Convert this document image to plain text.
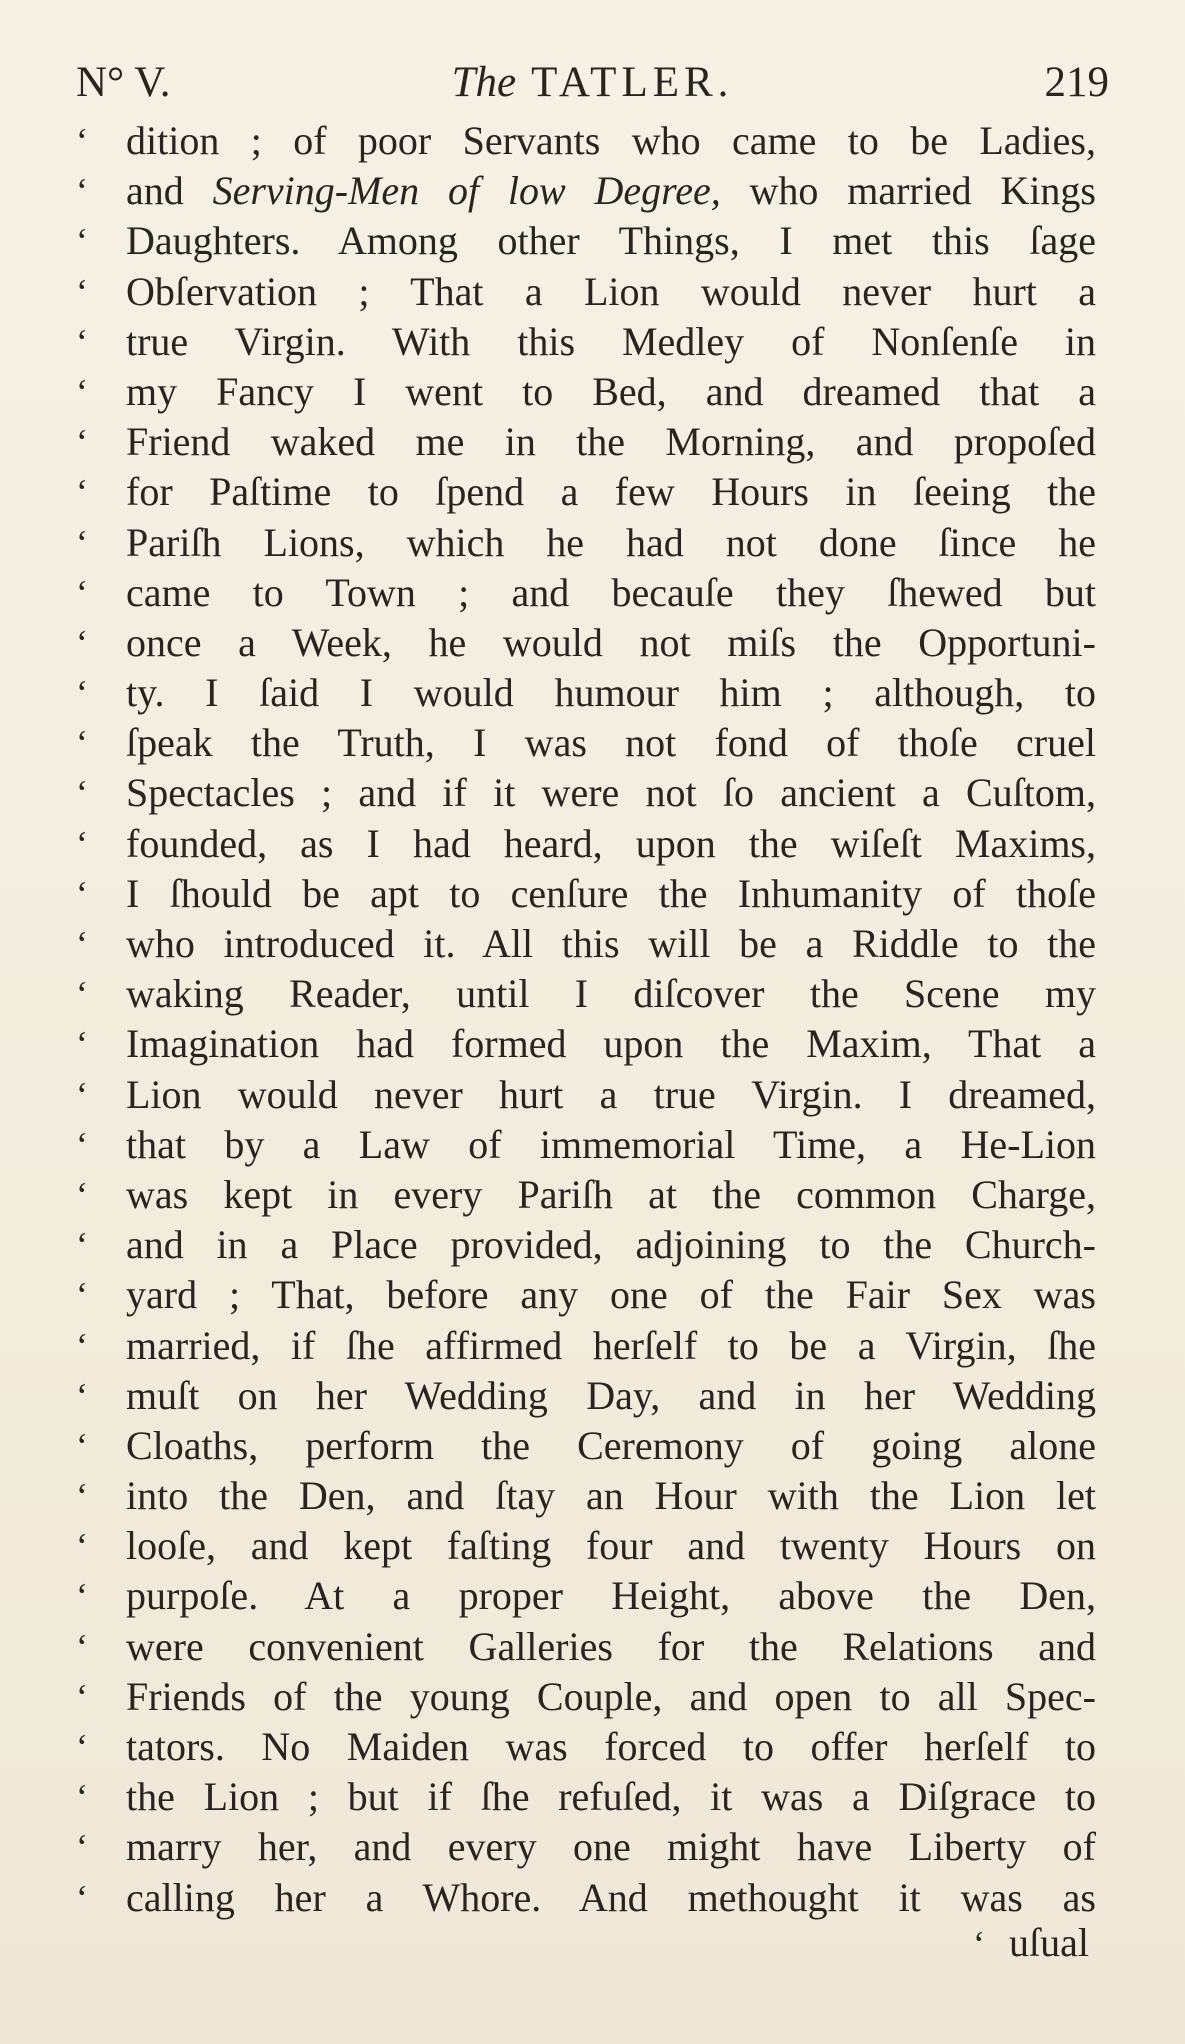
N° V.	The TATLER.	219
‘ dition ; of poor Servants who came to be Ladies,
‘ and Serving-Men of low Degree, who married Kings
‘ Daughters. Among other Things, I met this ſage
‘ Obſervation ; That a Lion would never hurt a
‘ true Virgin. With this Medley of Nonſenſe in
‘ my Fancy I went to Bed, and dreamed that a
‘ Friend waked me in the Morning, and propoſed
‘ for Paſtime to ſpend a few Hours in ſeeing the
‘ Pariſh Lions, which he had not done ſince he
‘ came to Town ; and becauſe they ſhewed but
‘ once a Week, he would not miſs the Opportuni-
‘ ty. I ſaid I would humour him ; although, to
‘ ſpeak the Truth, I was not fond of thoſe cruel
‘ Spectacles ; and if it were not ſo ancient a Cuſtom,
‘ founded, as I had heard, upon the wiſeſt Maxims,
‘ I ſhould be apt to cenſure the Inhumanity of thoſe
‘ who introduced it. All this will be a Riddle to the
‘ waking Reader, until I diſcover the Scene my
‘ Imagination had formed upon the Maxim, That a
‘ Lion would never hurt a true Virgin. I dreamed,
‘ that by a Law of immemorial Time, a He-Lion
‘ was kept in every Pariſh at the common Charge,
‘ and in a Place provided, adjoining to the Church-
‘ yard ; That, before any one of the Fair Sex was
‘ married, if ſhe affirmed herſelf to be a Virgin, ſhe
‘ muſt on her Wedding Day, and in her Wedding
‘ Cloaths, perform the Ceremony of going alone
‘ into the Den, and ſtay an Hour with the Lion let
‘ looſe, and kept faſting four and twenty Hours on
‘ purpoſe. At a proper Height, above the Den,
‘ were convenient Galleries for the Relations and
‘ Friends of the young Couple, and open to all Spec-
‘ tators. No Maiden was forced to offer herſelf to
‘ the Lion ; but if ſhe refuſed, it was a Diſgrace to
‘ marry her, and every one might have Liberty of
‘ calling her a Whore. And methought it was as
‘ uſual
